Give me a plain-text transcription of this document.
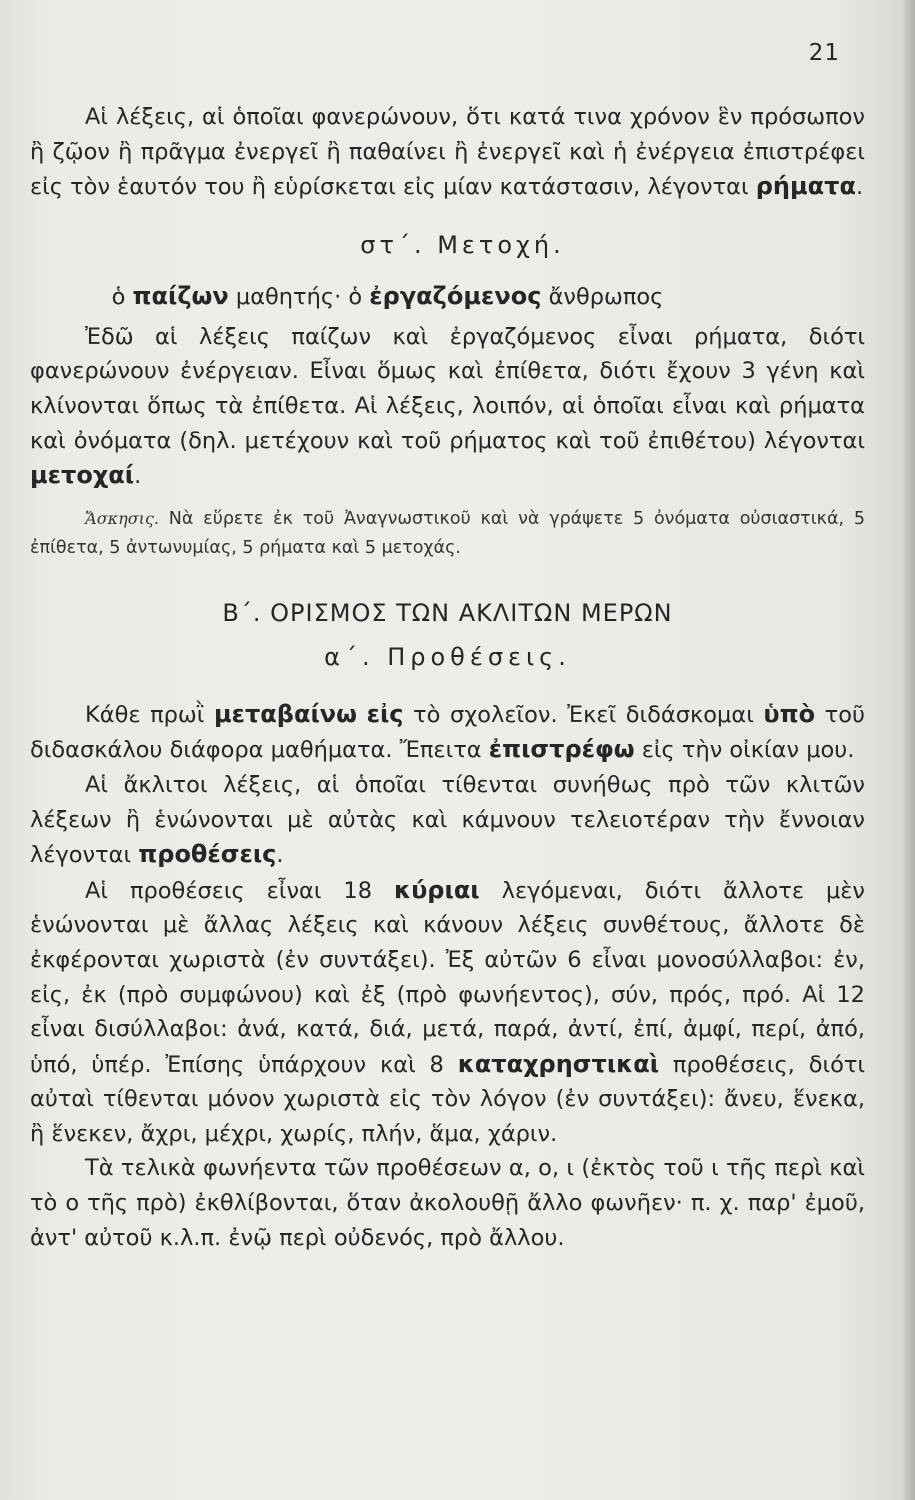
21

Αἱ λέξεις, αἱ ὁποῖαι φανερώνουν, ὅτι κατά τινα χρόνον ἓν πρόσωπον ἢ ζῷον ἢ πρᾶγμα ἐνεργεῖ ἢ παθαίνει ἢ ἐνεργεῖ καὶ ἡ ἐνέργεια ἐπιστρέφει εἰς τὸν ἑαυτόν του ἢ εὑρίσκεται εἰς μίαν κατάστασιν, λέγονται ρήματα.

στ΄. Μετοχή.
ὁ παίζων μαθητής· ὁ ἐργαζόμενος ἄνθρωπος

Ἐδῶ αἱ λέξεις παίζων καὶ ἐργαζόμενος εἶναι ρήματα, διότι φανερώνουν ἐνέργειαν. Εἶναι ὅμως καὶ ἐπίθετα, διότι ἔχουν 3 γένη καὶ κλίνονται ὅπως τὰ ἐπίθετα. Αἱ λέξεις, λοιπόν, αἱ ὁποῖαι εἶναι καὶ ρήματα καὶ ὀνόματα (δηλ. μετέχουν καὶ τοῦ ρήματος καὶ τοῦ ἐπιθέτου) λέγονται μετοχαί.

Ἄσκησις. Νὰ εὕρετε ἐκ τοῦ Ἀναγνωστικοῦ καὶ νὰ γράψετε 5 ὀνόματα οὐσιαστικά, 5 ἐπίθετα, 5 ἀντωνυμίας, 5 ρήματα καὶ 5 μετοχάς.

Β΄. ΟΡΙΣΜΟΣ ΤΩΝ ΑΚΛΙΤΩΝ ΜΕΡΩΝ
α΄. Προθέσεις.

Κάθε πρωῒ μεταβαίνω εἰς τὸ σχολεῖον. Ἐκεῖ διδάσκομαι ὑπὸ τοῦ διδασκάλου διάφορα μαθήματα. Ἔπειτα ἐπιστρέφω εἰς τὴν οἰκίαν μου.

Αἱ ἄκλιτοι λέξεις, αἱ ὁποῖαι τίθενται συνήθως πρὸ τῶν κλιτῶν λέξεων ἢ ἑνώνονται μὲ αὐτὰς καὶ κάμνουν τελειοτέραν τὴν ἔννοιαν λέγονται προθέσεις.

Αἱ προθέσεις εἶναι 18 κύριαι λεγόμεναι, διότι ἄλλοτε μὲν ἑνώνονται μὲ ἄλλας λέξεις καὶ κάνουν λέξεις συνθέτους, ἄλλοτε δὲ ἐκφέρονται χωριστὰ (ἐν συντάξει). Ἐξ αὐτῶν 6 εἶναι μονοσύλλαβοι: ἐν, εἰς, ἐκ (πρὸ συμφώνου) καὶ ἐξ (πρὸ φωνήεντος), σύν, πρός, πρό. Αἱ 12 εἶναι δισύλλαβοι: ἀνά, κατά, διά, μετά, παρά, ἀντί, ἐπί, ἀμφί, περί, ἀπό, ὑπό, ὑπέρ. Ἐπίσης ὑπάρχουν καὶ 8 καταχρηστικαὶ προθέσεις, διότι αὐταὶ τίθενται μόνον χωριστὰ εἰς τὸν λόγον (ἐν συντάξει): ἄνευ, ἕνεκα, ἢ ἕνεκεν, ἄχρι, μέχρι, χωρίς, πλήν, ἅμα, χάριν.

Τὰ τελικὰ φωνήεντα τῶν προθέσεων α, ο, ι (ἐκτὸς τοῦ ι τῆς περὶ καὶ τὸ ο τῆς πρὸ) ἐκθλίβονται, ὅταν ἀκολουθῇ ἄλλο φωνῆεν· π. χ. παρ' ἐμοῦ, ἀντ' αὐτοῦ κ.λ.π. ἐνῷ περὶ οὐδενός, πρὸ ἄλλου.
